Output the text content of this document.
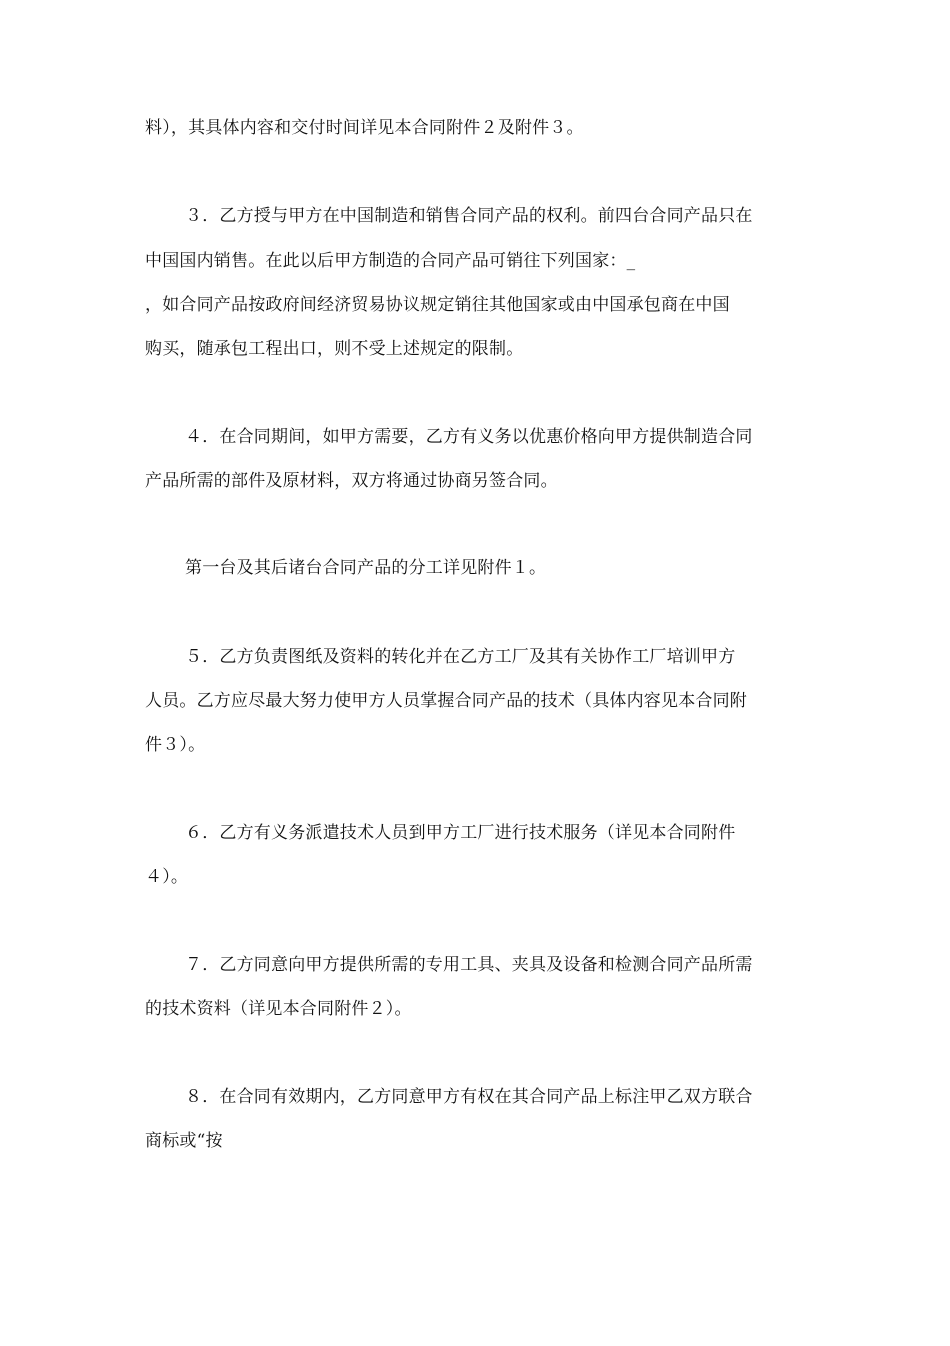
料），其具体内容和交付时间详见本合同附件２及附件３。
３．乙方授与甲方在中国制造和销售合同产品的权利。前四台合同产品只在
中国国内销售。在此以后甲方制造的合同产品可销往下列国家：_
，如合同产品按政府间经济贸易协议规定销往其他国家或由中国承包商在中国
购买，随承包工程出口，则不受上述规定的限制。
４．在合同期间，如甲方需要，乙方有义务以优惠价格向甲方提供制造合同
产品所需的部件及原材料，双方将通过协商另签合同。
第一台及其后诸台合同产品的分工详见附件１。
５．乙方负责图纸及资料的转化并在乙方工厂及其有关协作工厂培训甲方
人员。乙方应尽最大努力使甲方人员掌握合同产品的技术（具体内容见本合同附
件３）。
６．乙方有义务派遣技术人员到甲方工厂进行技术服务（详见本合同附件
４）。
７．乙方同意向甲方提供所需的专用工具、夹具及设备和检测合同产品所需
的技术资料（详见本合同附件２）。
８．在合同有效期内，乙方同意甲方有权在其合同产品上标注甲乙双方联合
商标或“按
